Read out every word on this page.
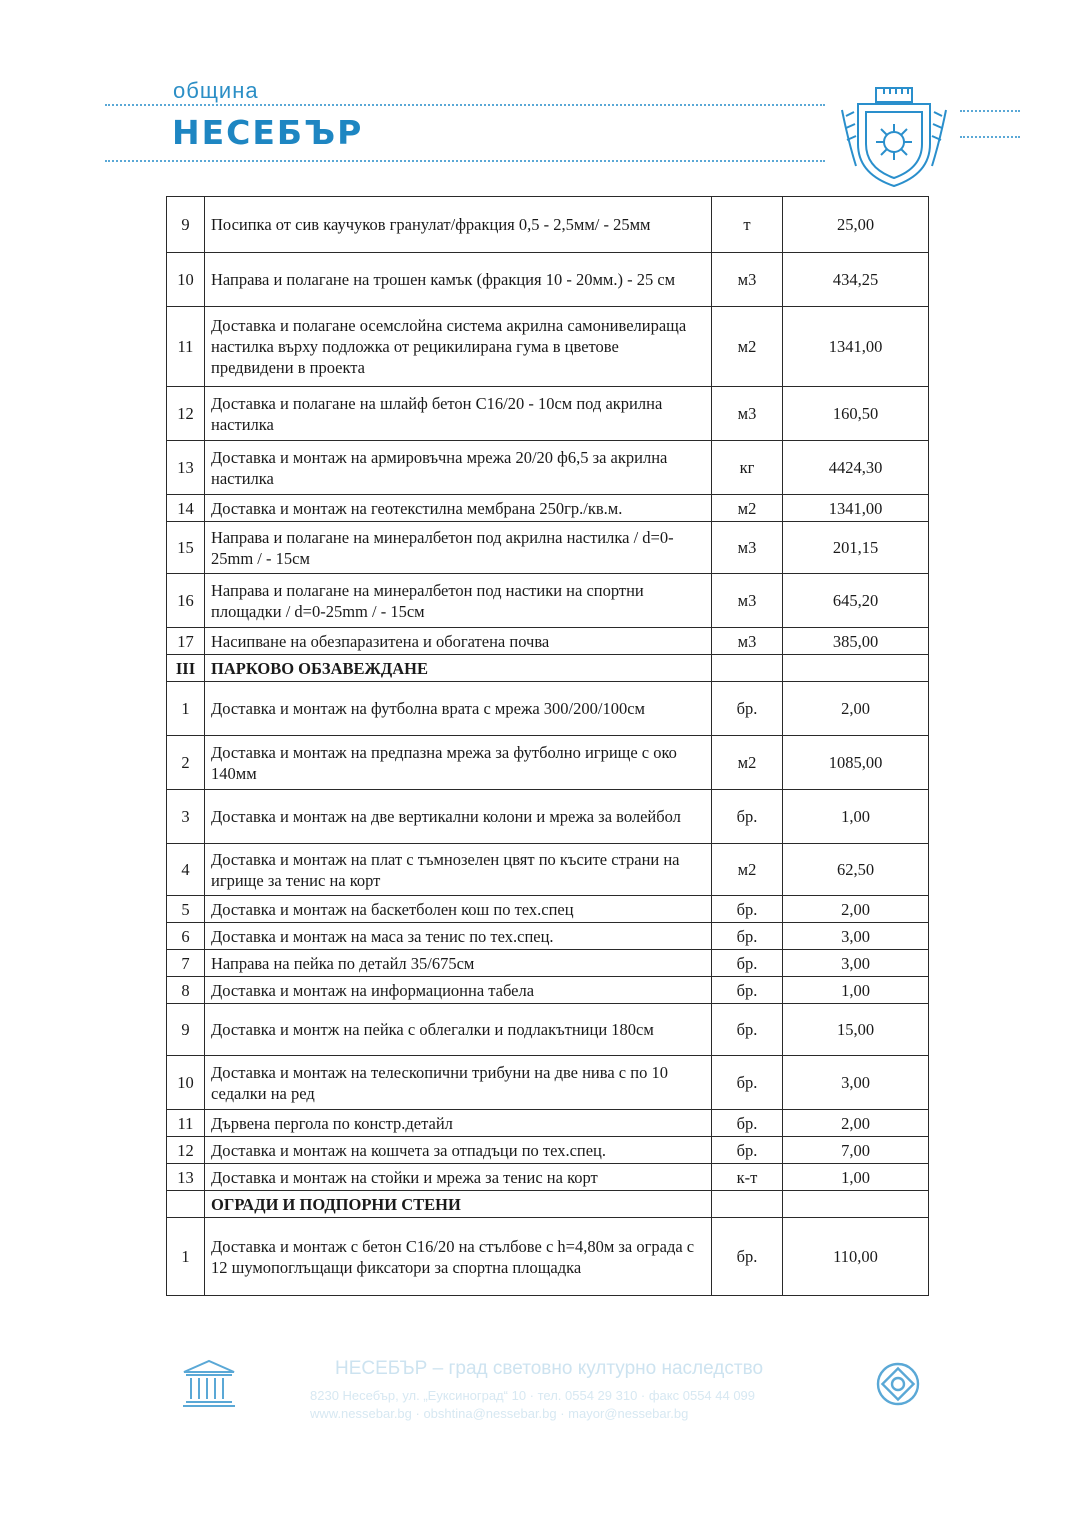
община
НЕСЕБЪР
9	Посипка от сив каучуков гранулат/фракция 0,5 - 2,5мм/ - 25мм	т	25,00
10	Направа и полагане на трошен камък (фракция 10 - 20мм.) - 25 см	м3	434,25
11	Доставка и полагане осемслойна система акрилна самонивелираща настилка върху подложка от рецикилирана гума в цветове предвидени в проекта	м2	1341,00
12	Доставка и полагане на шлайф бетон С16/20 - 10см под акрилна настилка	м3	160,50
13	Доставка и монтаж на армировъчна мрежа 20/20 ф6,5 за акрилна настилка	кг	4424,30
14	Доставка и монтаж на геотекстилна мембрана 250гр./кв.м.	м2	1341,00
15	Направа и полагане на минералбетон под акрилна настилка / d=0-25mm / - 15см	м3	201,15
16	Направа и полагане на минералбетон под настики на спортни площадки / d=0-25mm / - 15см	м3	645,20
17	Насипване на обезпаразитена и обогатена почва	м3	385,00
III	ПАРКОВО ОБЗАВЕЖДАНЕ		
1	Доставка и монтаж на футболна врата с мрежа 300/200/100см	бр.	2,00
2	Доставка и монтаж на предпазна мрежа за футболно игрище с око 140мм	м2	1085,00
3	Доставка и монтаж на две вертикални колони и мрежа за волейбол	бр.	1,00
4	Доставка и монтаж на плат с тъмнозелен цвят по късите страни на игрище за тенис на корт	м2	62,50
5	Доставка и монтаж на баскетболен кош по тех.спец	бр.	2,00
6	Доставка и монтаж на маса за тенис по тех.спец.	бр.	3,00
7	Направа на пейка по детайл 35/675см	бр.	3,00
8	Доставка и монтаж на информационна табела	бр.	1,00
9	Доставка и монтж на пейка с облегалки и подлакътници 180см	бр.	15,00
10	Доставка и монтаж на телескопични трибуни на две нива с по 10 седалки на ред	бр.	3,00
11	Дървена пергола по констр.детайл	бр.	2,00
12	Доставка и монтаж на кошчета за отпадъци по тех.спец.	бр.	7,00
13	Доставка и монтаж на стойки и мрежа за тенис на корт	к-т	1,00
	ОГРАДИ И ПОДПОРНИ СТЕНИ		
1	Доставка и монтаж с бетон С16/20 на стълбове с h=4,80м за ограда с 12 шумопоглъщащи фиксатори за спортна площадка	бр.	110,00
НЕСЕБЪР – град световно културно наследство
8230 Несебър, ул. „Еуксиноград“ 10 · тел. 0554 29 310 · факс 0554 44 099
www.nessebar.bg · obshtina@nessebar.bg · mayor@nessebar.bg
